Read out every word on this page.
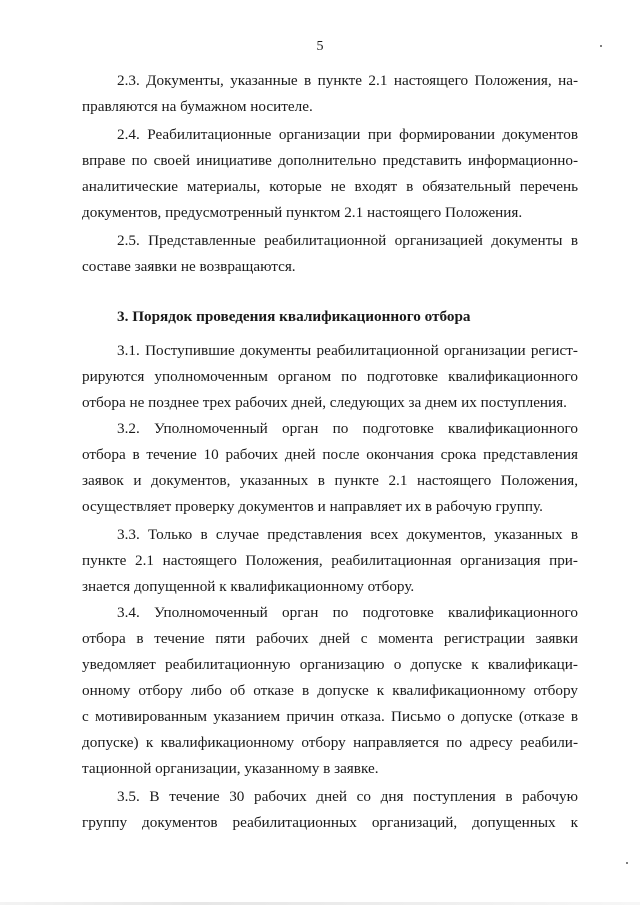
5
2.3. Документы, указанные в пункте 2.1 настоящего Положения, на-
правляются на бумажном носителе.
2.4. Реабилитационные организации при формировании документов
вправе по своей инициативе дополнительно представить информационно-
аналитические материалы, которые не входят в обязательный перечень
документов, предусмотренный пунктом 2.1 настоящего Положения.
2.5. Представленные реабилитационной организацией документы в
составе заявки не возвращаются.
3. Порядок проведения квалификационного отбора
3.1. Поступившие документы реабилитационной организации регист-
рируются уполномоченным органом по подготовке квалификационного
отбора не позднее трех рабочих дней, следующих за днем их поступления.
3.2. Уполномоченный орган по подготовке квалификационного
отбора в течение 10 рабочих дней после окончания срока представления
заявок и документов, указанных в пункте 2.1 настоящего Положения,
осуществляет проверку документов и направляет их в рабочую группу.
3.3. Только в случае представления всех документов, указанных в
пункте 2.1 настоящего Положения, реабилитационная организация при-
знается допущенной к квалификационному отбору.
3.4. Уполномоченный орган по подготовке квалификационного
отбора в течение пяти рабочих дней с момента регистрации заявки
уведомляет реабилитационную организацию о допуске к квалификаци-
онному отбору либо об отказе в допуске к квалификационному отбору
с мотивированным указанием причин отказа. Письмо о допуске (отказе в
допуске) к квалификационному отбору направляется по адресу реабили-
тационной организации, указанному в заявке.
3.5. В течение 30 рабочих дней со дня поступления в рабочую
группу документов реабилитационных организаций, допущенных к
